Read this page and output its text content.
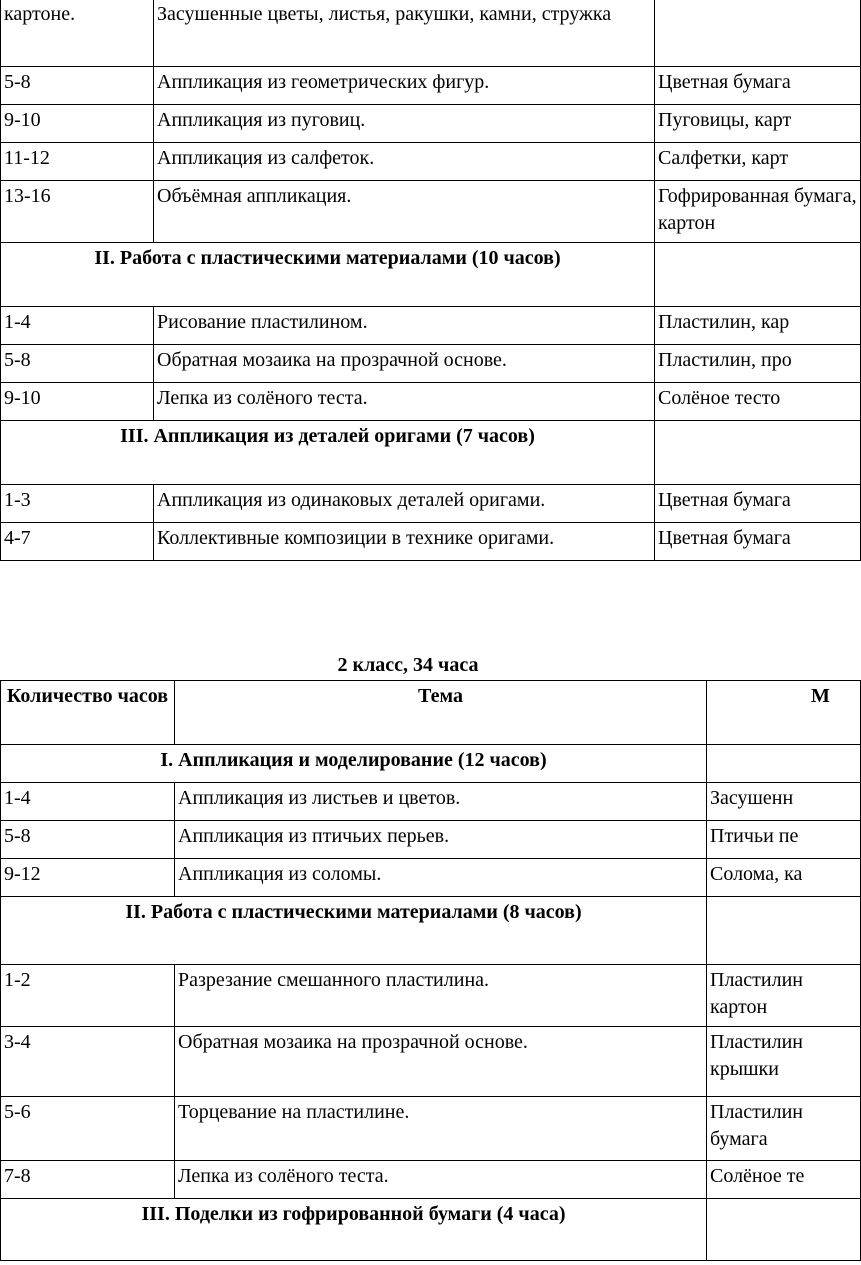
картоне.	Засушенные цветы, листья, ракушки, камни, стружка	
5-8	Аппликация из геометрических фигур.	Цветная бумага
9-10	Аппликация из пуговиц.	Пуговицы, карт
11-12	Аппликация из салфеток.	Салфетки, карт
13-16	Объёмная аппликация.	Гофрированная бумага, картон
II. Работа с пластическими материалами (10 часов)		
1-4	Рисование пластилином.	Пластилин, кар
5-8	Обратная мозаика на прозрачной основе.	Пластилин, про
9-10	Лепка из солёного теста.	Солёное тесто
III. Аппликация из деталей оригами (7 часов)		
1-3	Аппликация из одинаковых деталей оригами.	Цветная бумага
4-7	Коллективные композиции в технике оригами.	Цветная бумага
2 класс, 34 часа
Количество часов	Тема	М
I. Аппликация и моделирование (12 часов)		
1-4	Аппликация из листьев и цветов.	Засушенн
5-8	Аппликация из птичьих перьев.	Птичьи пе
9-12	Аппликация из соломы.	Солома, ка
II. Работа с пластическими материалами (8 часов)		
1-2	Разрезание смешанного пластилина.	Пластилин картон
3-4	Обратная мозаика на прозрачной основе.	Пластилин крышки
5-6	Торцевание на пластилине.	Пластилин бумага
7-8	Лепка из солёного теста.	Солёное те
III. Поделки из гофрированной бумаги (4 часа)		
